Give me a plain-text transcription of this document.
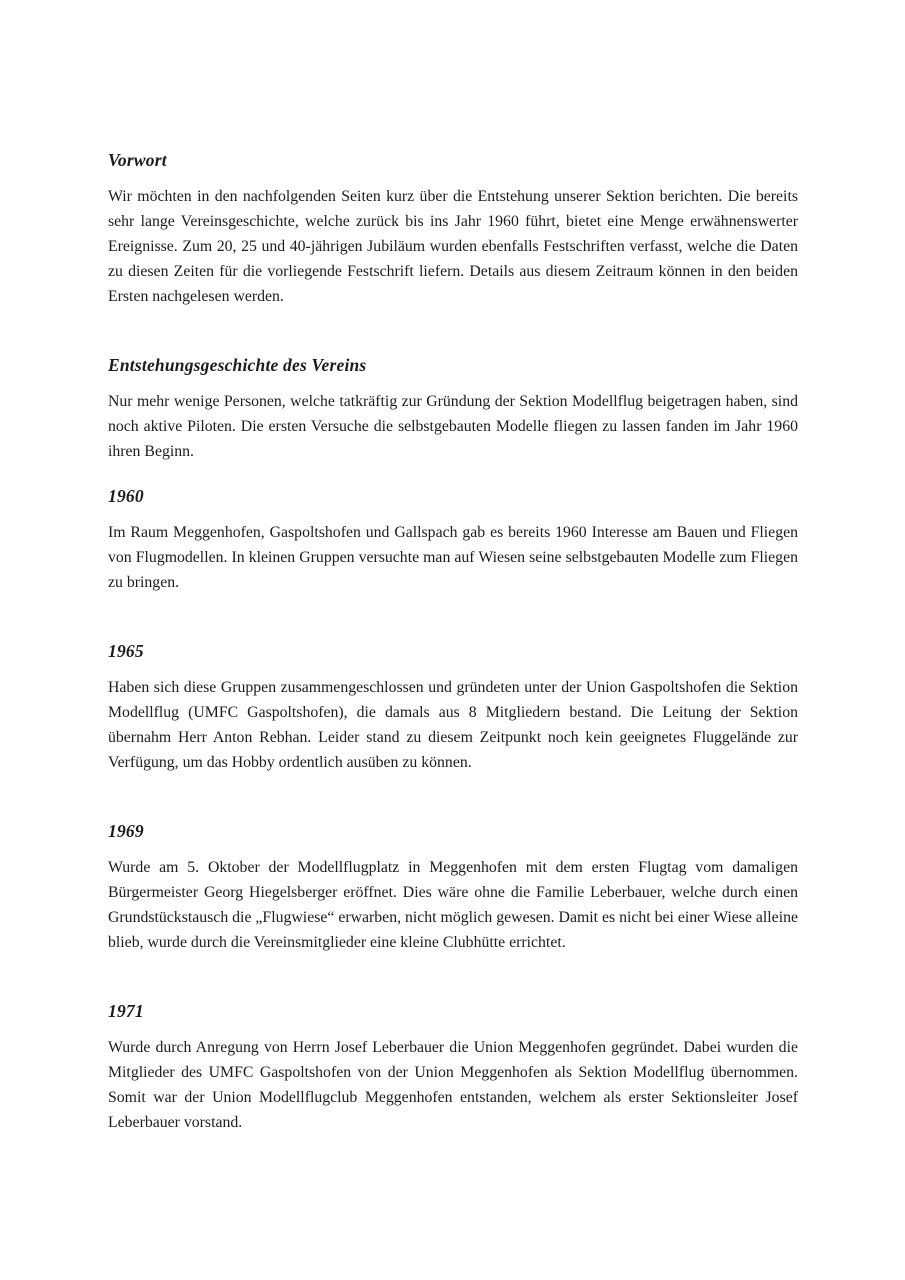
Vorwort

Wir möchten in den nachfolgenden Seiten kurz über die Entstehung unserer Sektion berichten. Die bereits sehr lange Vereinsgeschichte, welche zurück bis ins Jahr 1960 führt, bietet eine Menge erwähnenswerter Ereignisse. Zum 20, 25 und 40-jährigen Jubiläum wurden ebenfalls Festschriften verfasst, welche die Daten zu diesen Zeiten für die vorliegende Festschrift liefern. Details aus diesem Zeitraum können in den beiden Ersten nachgelesen werden.

Entstehungsgeschichte des Vereins

Nur mehr wenige Personen, welche tatkräftig zur Gründung der Sektion Modellflug beigetragen haben, sind noch aktive Piloten. Die ersten Versuche die selbstgebauten Modelle fliegen zu lassen fanden im Jahr 1960 ihren Beginn.

1960

Im Raum Meggenhofen, Gaspoltshofen und Gallspach gab es bereits 1960 Interesse am Bauen und Fliegen von Flugmodellen. In kleinen Gruppen versuchte man auf Wiesen seine selbstgebauten Modelle zum Fliegen zu bringen.

1965

Haben sich diese Gruppen zusammengeschlossen und gründeten unter der Union Gaspoltshofen die Sektion Modellflug (UMFC Gaspoltshofen), die damals aus 8 Mitgliedern bestand. Die Leitung der Sektion übernahm Herr Anton Rebhan. Leider stand zu diesem Zeitpunkt noch kein geeignetes Fluggelände zur Verfügung, um das Hobby ordentlich ausüben zu können.

1969

Wurde am 5. Oktober der Modellflugplatz in Meggenhofen mit dem ersten Flugtag vom damaligen Bürgermeister Georg Hiegelsberger eröffnet. Dies wäre ohne die Familie Leberbauer, welche durch einen Grundstückstausch die „Flugwiese“ erwarben, nicht möglich gewesen. Damit es nicht bei einer Wiese alleine blieb, wurde durch die Vereinsmitglieder eine kleine Clubhütte errichtet.

1971

Wurde durch Anregung von Herrn Josef Leberbauer die Union Meggenhofen gegründet. Dabei wurden die Mitglieder des UMFC Gaspoltshofen von der Union Meggenhofen als Sektion Modellflug übernommen. Somit war der Union Modellflugclub Meggenhofen entstanden, welchem als erster Sektionsleiter Josef Leberbauer vorstand.
